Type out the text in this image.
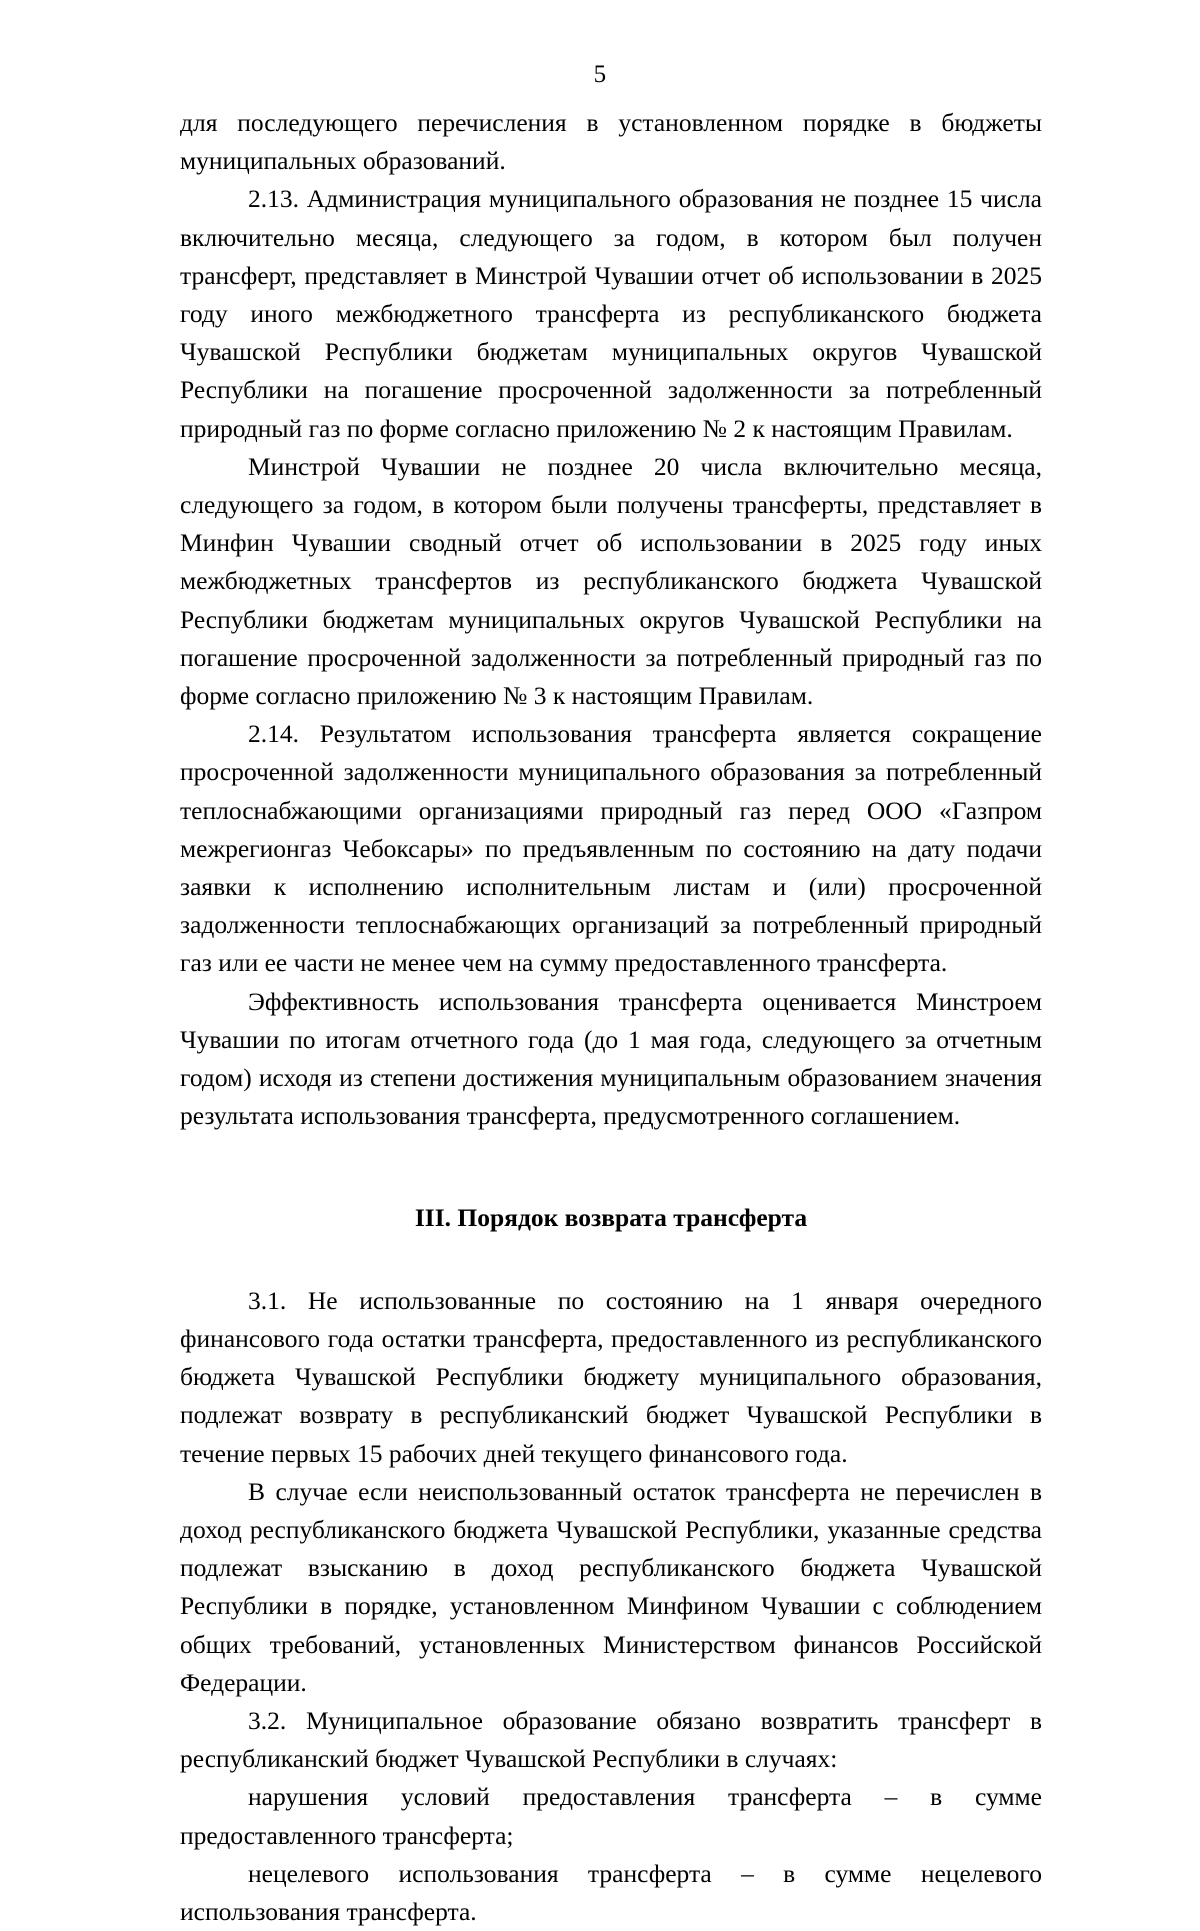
5

для последующего перечисления в установленном порядке в бюджеты муниципальных образований.

2.13. Администрация муниципального образования не позднее 15 числа включительно месяца, следующего за годом, в котором был получен трансферт, представляет в Минстрой Чувашии отчет об использовании в 2025 году иного межбюджетного трансферта из республиканского бюджета Чувашской Республики бюджетам муниципальных округов Чувашской Республики на погашение просроченной задолженности за потребленный природный газ по форме согласно приложению № 2 к настоящим Правилам.

Минстрой Чувашии не позднее 20 числа включительно месяца, следующего за годом, в котором были получены трансферты, представляет в Минфин Чувашии сводный отчет об использовании в 2025 году иных межбюджетных трансфертов из республиканского бюджета Чувашской Республики бюджетам муниципальных округов Чувашской Республики на погашение просроченной задолженности за потребленный природный газ по форме согласно приложению № 3 к настоящим Правилам.

2.14. Результатом использования трансферта является сокращение просроченной задолженности муниципального образования за потребленный теплоснабжающими организациями природный газ перед ООО «Газпром межрегионгаз Чебоксары» по предъявленным по состоянию на дату подачи заявки к исполнению исполнительным листам и (или) просроченной задолженности теплоснабжающих организаций за потребленный природный газ или ее части не менее чем на сумму предоставленного трансферта.

Эффективность использования трансферта оценивается Минстроем Чувашии по итогам отчетного года (до 1 мая года, следующего за отчетным годом) исходя из степени достижения муниципальным образованием значения результата использования трансферта, предусмотренного соглашением.

III. Порядок возврата трансферта

3.1. Не использованные по состоянию на 1 января очередного финансового года остатки трансферта, предоставленного из республиканского бюджета Чувашской Республики бюджету муниципального образования, подлежат возврату в республиканский бюджет Чувашской Республики в течение первых 15 рабочих дней текущего финансового года.

В случае если неиспользованный остаток трансферта не перечислен в доход республиканского бюджета Чувашской Республики, указанные средства подлежат взысканию в доход республиканского бюджета Чувашской Республики в порядке, установленном Минфином Чувашии с соблюдением общих требований, установленных Министерством финансов Российской Федерации.

3.2. Муниципальное образование обязано возвратить трансферт в республиканский бюджет Чувашской Республики в случаях:

нарушения условий предоставления трансферта – в сумме предоставленного трансферта;

нецелевого использования трансферта – в сумме нецелевого использования трансферта.
